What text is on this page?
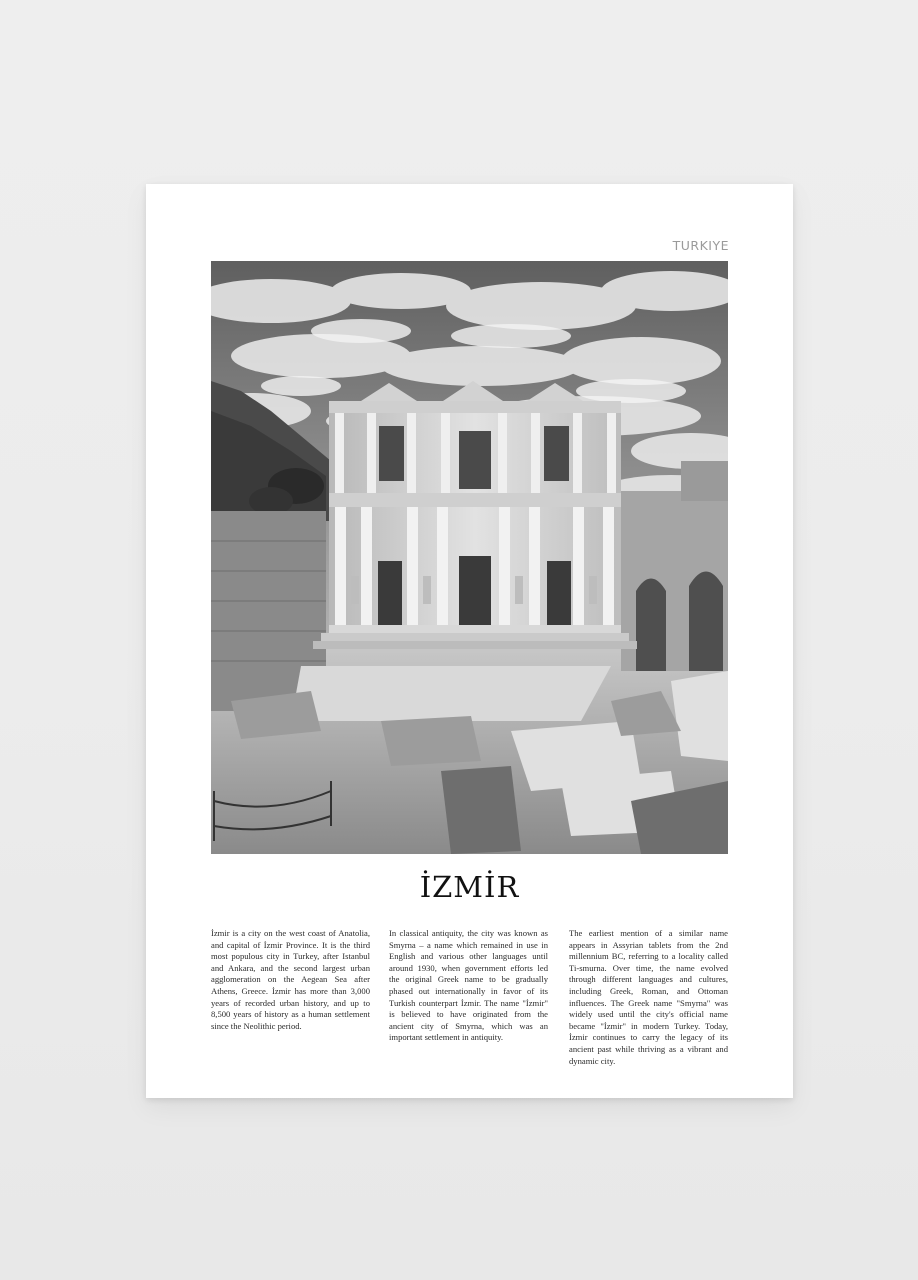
TURKIYE
İZMİR
İzmir is a city on the west coast of Anatolia, and capital of İzmir Province. It is the third most populous city in Turkey, after Istanbul and Ankara, and the second largest urban agglomeration on the Aegean Sea after Athens, Greece. İzmir has more than 3,000 years of recorded urban history, and up to 8,500 years of history as a human settlement since the Neolithic period.
In classical antiquity, the city was known as Smyrna – a name which remained in use in English and various other languages until around 1930, when government efforts led the original Greek name to be gradually phased out internationally in favor of its Turkish counterpart İzmir. The name "İzmir" is believed to have originated from the ancient city of Smyrna, which was an important settlement in antiquity.
The earliest mention of a similar name appears in Assyrian tablets from the 2nd millennium BC, referring to a locality called Ti-smurna. Over time, the name evolved through different languages and cultures, including Greek, Roman, and Ottoman influences. The Greek name "Smyrna" was widely used until the city's official name became "İzmir" in modern Turkey. Today, İzmir continues to carry the legacy of its ancient past while thriving as a vibrant and dynamic city.
